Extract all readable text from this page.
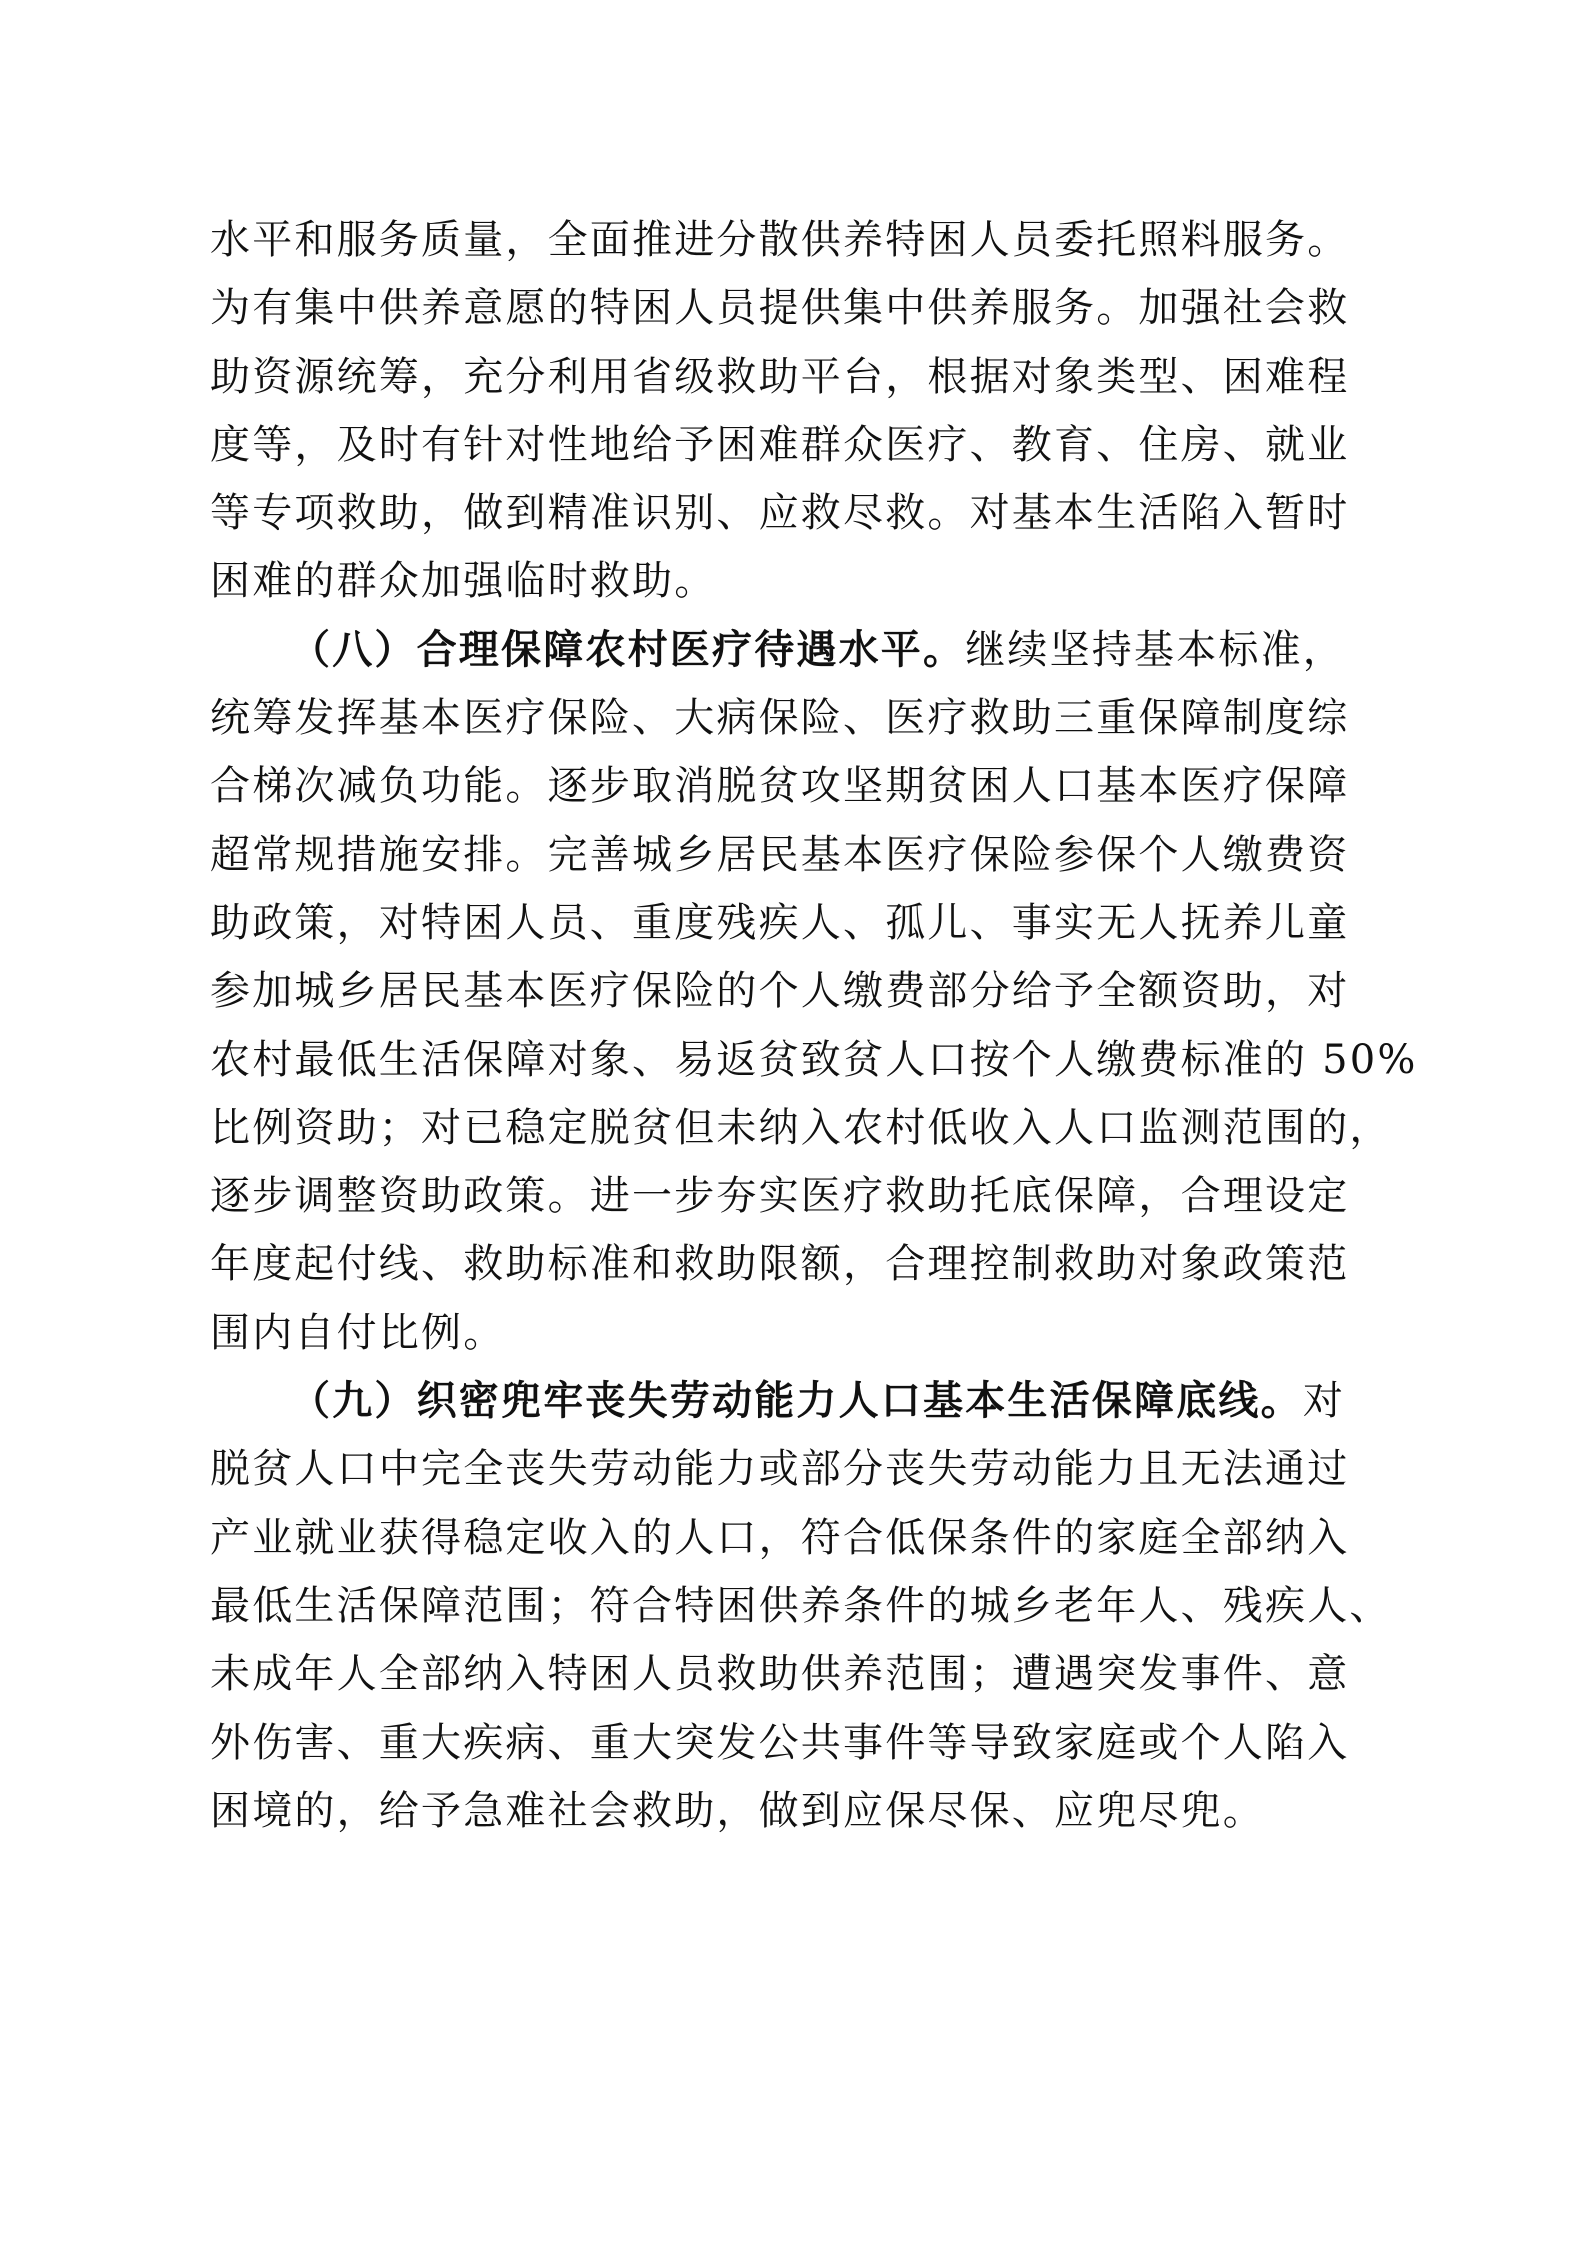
水平和服务质量，全面推进分散供养特困人员委托照料服务。
为有集中供养意愿的特困人员提供集中供养服务。加强社会救
助资源统筹，充分利用省级救助平台，根据对象类型、困难程
度等，及时有针对性地给予困难群众医疗、教育、住房、就业
等专项救助，做到精准识别、应救尽救。对基本生活陷入暂时
困难的群众加强临时救助。
（八）合理保障农村医疗待遇水平。继续坚持基本标准，
统筹发挥基本医疗保险、大病保险、医疗救助三重保障制度综
合梯次减负功能。逐步取消脱贫攻坚期贫困人口基本医疗保障
超常规措施安排。完善城乡居民基本医疗保险参保个人缴费资
助政策，对特困人员、重度残疾人、孤儿、事实无人抚养儿童
参加城乡居民基本医疗保险的个人缴费部分给予全额资助，对
农村最低生活保障对象、易返贫致贫人口按个人缴费标准的 50%
比例资助；对已稳定脱贫但未纳入农村低收入人口监测范围的，
逐步调整资助政策。进一步夯实医疗救助托底保障，合理设定
年度起付线、救助标准和救助限额，合理控制救助对象政策范
围内自付比例。
（九）织密兜牢丧失劳动能力人口基本生活保障底线。对
脱贫人口中完全丧失劳动能力或部分丧失劳动能力且无法通过
产业就业获得稳定收入的人口，符合低保条件的家庭全部纳入
最低生活保障范围；符合特困供养条件的城乡老年人、残疾人、
未成年人全部纳入特困人员救助供养范围；遭遇突发事件、意
外伤害、重大疾病、重大突发公共事件等导致家庭或个人陷入
困境的，给予急难社会救助，做到应保尽保、应兜尽兜。
